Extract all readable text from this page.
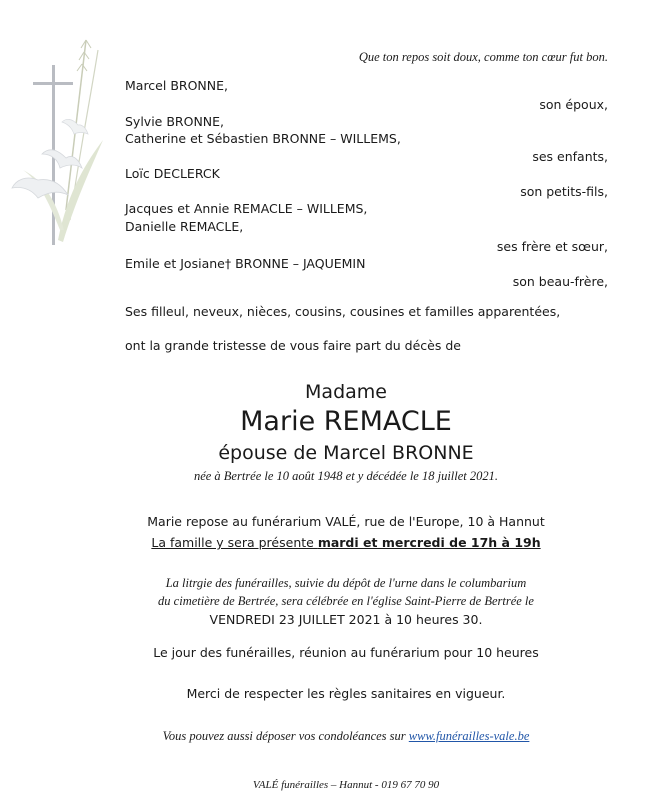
Que ton repos soit doux, comme ton cœur fut bon.
Marcel BRONNE,
son époux,
Sylvie BRONNE,
Catherine et Sébastien BRONNE – WILLEMS,
ses enfants,
Loïc DECLERCK
son petits-fils,
Jacques et Annie REMACLE – WILLEMS,
Danielle REMACLE,
ses frère et sœur,
Emile et Josiane† BRONNE – JAQUEMIN
son beau-frère,
Ses filleul, neveux, nièces, cousins, cousines et familles apparentées,
ont la grande tristesse de vous faire part du décès de
Madame
Marie REMACLE
épouse de Marcel BRONNE
née à Bertrée le 10 août 1948 et y décédée le 18 juillet 2021.
Marie repose au funérarium VALÉ, rue de l'Europe, 10 à Hannut
La famille y sera présente mardi et mercredi de 17h à 19h
La litrgie des funérailles, suivie du dépôt de l'urne dans le columbarium
du cimetière de Bertrée, sera célébrée en l'église Saint-Pierre de Bertrée le
VENDREDI 23 JUILLET 2021 à 10 heures 30.
Le jour des funérailles, réunion au funérarium pour 10 heures
Merci de respecter les règles sanitaires en vigueur.
Vous pouvez aussi déposer vos condoléances sur www.funérailles-vale.be
VALÉ funérailles – Hannut - 019 67 70 90
